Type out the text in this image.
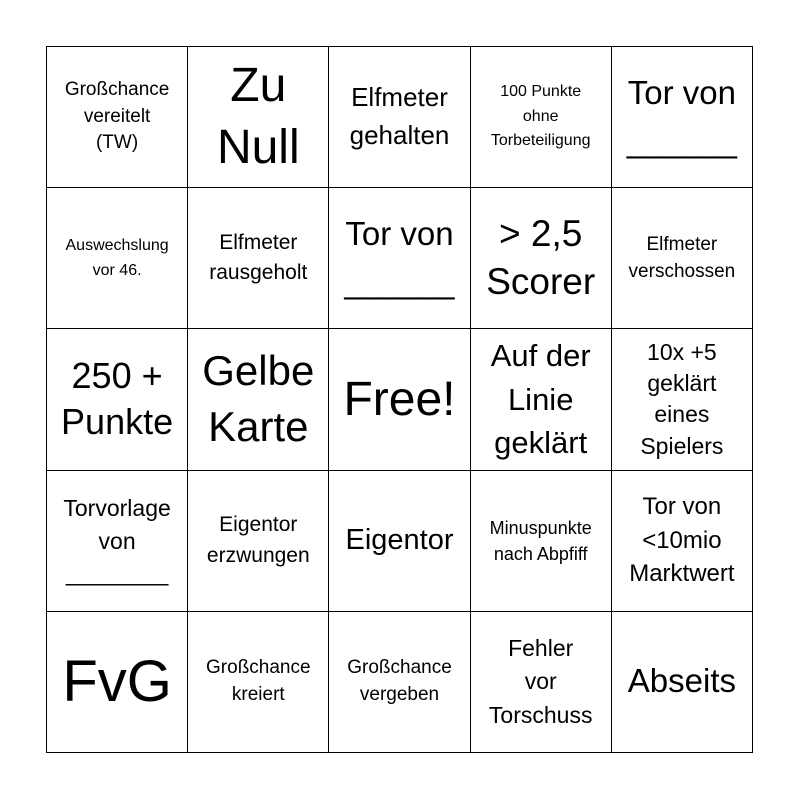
Großchance
vereitelt
(TW)
Zu
Null
Elfmeter
gehalten
100 Punkte
ohne
Torbeteiligung
Tor von
______
Auswechslung
vor 46.
Elfmeter
rausgeholt
Tor von
______
> 2,5
Scorer
Elfmeter
verschossen
250 +
Punkte
Gelbe
Karte
Free!
Auf der
Linie
geklärt
10x +5
geklärt
eines
Spielers
Torvorlage
von
________
Eigentor
erzwungen Eigentor Minuspunkte
nach Abpfiff
Tor von
<10mio
Marktwert
FvG Großchance
kreiert
Großchance
vergeben
Fehler
vor
Torschuss
Abseits
